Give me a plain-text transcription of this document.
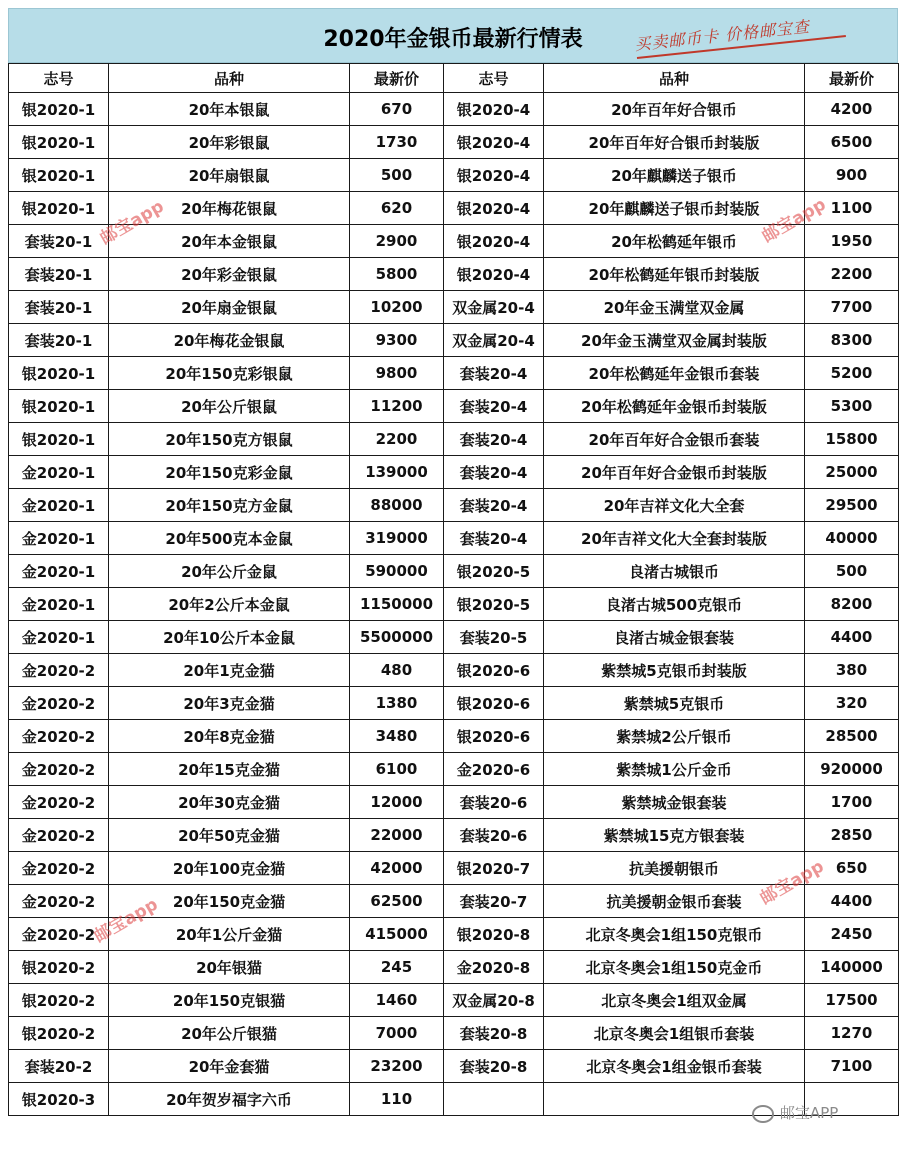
2020年金银币最新行情表	买卖邮币卡 价格邮宝查
志号	品种	最新价	志号	品种	最新价
银2020-1	20年本银鼠	670	银2020-4	20年百年好合银币	4200
银2020-1	20年彩银鼠	1730	银2020-4	20年百年好合银币封装版	6500
银2020-1	20年扇银鼠	500	银2020-4	20年麒麟送子银币	900
银2020-1	20年梅花银鼠	620	银2020-4	20年麒麟送子银币封装版	1100
套装20-1	20年本金银鼠	2900	银2020-4	20年松鹤延年银币	1950
套装20-1	20年彩金银鼠	5800	银2020-4	20年松鹤延年银币封装版	2200
套装20-1	20年扇金银鼠	10200	双金属20-4	20年金玉满堂双金属	7700
套装20-1	20年梅花金银鼠	9300	双金属20-4	20年金玉满堂双金属封装版	8300
银2020-1	20年150克彩银鼠	9800	套装20-4	20年松鹤延年金银币套装	5200
银2020-1	20年公斤银鼠	11200	套装20-4	20年松鹤延年金银币封装版	5300
银2020-1	20年150克方银鼠	2200	套装20-4	20年百年好合金银币套装	15800
金2020-1	20年150克彩金鼠	139000	套装20-4	20年百年好合金银币封装版	25000
金2020-1	20年150克方金鼠	88000	套装20-4	20年吉祥文化大全套	29500
金2020-1	20年500克本金鼠	319000	套装20-4	20年吉祥文化大全套封装版	40000
金2020-1	20年公斤金鼠	590000	银2020-5	良渚古城银币	500
金2020-1	20年2公斤本金鼠	1150000	银2020-5	良渚古城500克银币	8200
金2020-1	20年10公斤本金鼠	5500000	套装20-5	良渚古城金银套装	4400
金2020-2	20年1克金猫	480	银2020-6	紫禁城5克银币封装版	380
金2020-2	20年3克金猫	1380	银2020-6	紫禁城5克银币	320
金2020-2	20年8克金猫	3480	银2020-6	紫禁城2公斤银币	28500
金2020-2	20年15克金猫	6100	金2020-6	紫禁城1公斤金币	920000
金2020-2	20年30克金猫	12000	套装20-6	紫禁城金银套装	1700
金2020-2	20年50克金猫	22000	套装20-6	紫禁城15克方银套装	2850
金2020-2	20年100克金猫	42000	银2020-7	抗美援朝银币	650
金2020-2	20年150克金猫	62500	套装20-7	抗美援朝金银币套装	4400
金2020-2	20年1公斤金猫	415000	银2020-8	北京冬奥会1组150克银币	2450
银2020-2	20年银猫	245	金2020-8	北京冬奥会1组150克金币	140000
银2020-2	20年150克银猫	1460	双金属20-8	北京冬奥会1组双金属	17500
银2020-2	20年公斤银猫	7000	套装20-8	北京冬奥会1组银币套装	1270
套装20-2	20年金套猫	23200	套装20-8	北京冬奥会1组金银币套装	7100
银2020-3	20年贺岁福字六币	110			
邮宝app	邮宝app
邮宝app
邮宝app
邮宝APP
